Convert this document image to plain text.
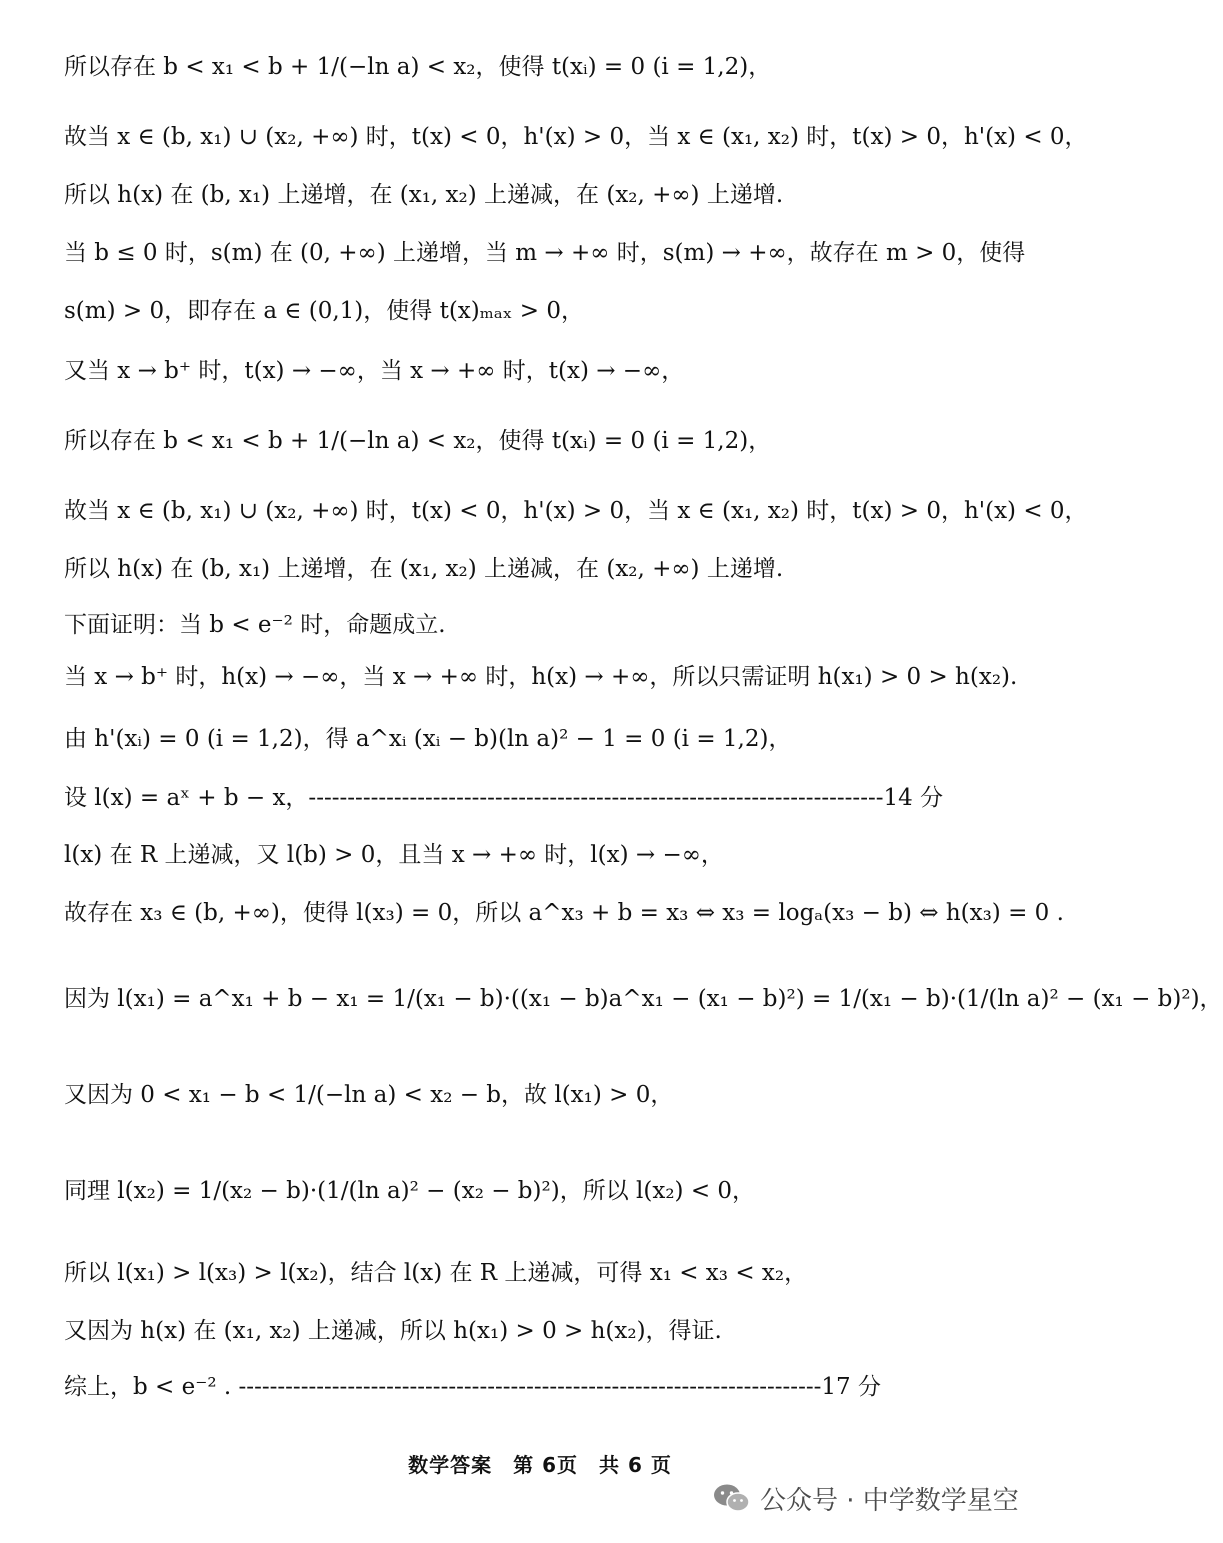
所以存在 b < x₁ < b + 1/(−ln a) < x₂，使得 t(xᵢ) = 0 (i = 1,2)，
故当 x ∈ (b, x₁) ∪ (x₂, +∞) 时，t(x) < 0，h'(x) > 0，当 x ∈ (x₁, x₂) 时，t(x) > 0，h'(x) < 0，
所以 h(x) 在 (b, x₁) 上递增，在 (x₁, x₂) 上递减，在 (x₂, +∞) 上递增.
当 b ≤ 0 时，s(m) 在 (0, +∞) 上递增，当 m → +∞ 时，s(m) → +∞，故存在 m > 0，使得
s(m) > 0，即存在 a ∈ (0,1)，使得 t(x)ₘₐₓ > 0，
又当 x → b⁺ 时，t(x) → −∞，当 x → +∞ 时，t(x) → −∞，
所以存在 b < x₁ < b + 1/(−ln a) < x₂，使得 t(xᵢ) = 0 (i = 1,2)，
故当 x ∈ (b, x₁) ∪ (x₂, +∞) 时，t(x) < 0，h'(x) > 0，当 x ∈ (x₁, x₂) 时，t(x) > 0，h'(x) < 0，
所以 h(x) 在 (b, x₁) 上递增，在 (x₁, x₂) 上递减，在 (x₂, +∞) 上递增.
下面证明：当 b < e⁻² 时，命题成立.
当 x → b⁺ 时，h(x) → −∞，当 x → +∞ 时，h(x) → +∞，所以只需证明 h(x₁) > 0 > h(x₂).
由 h'(xᵢ) = 0 (i = 1,2)，得 a^xᵢ (xᵢ − b)(ln a)² − 1 = 0 (i = 1,2)，
设 l(x) = aˣ + b − x，--------------------------------------------------------------------------14 分
l(x) 在 R 上递减，又 l(b) > 0，且当 x → +∞ 时，l(x) → −∞，
故存在 x₃ ∈ (b, +∞)，使得 l(x₃) = 0，所以 a^x₃ + b = x₃ ⇔ x₃ = logₐ(x₃ − b) ⇔ h(x₃) = 0 .
因为 l(x₁) = a^x₁ + b − x₁ = 1/(x₁ − b)·((x₁ − b)a^x₁ − (x₁ − b)²) = 1/(x₁ − b)·(1/(ln a)² − (x₁ − b)²)，
又因为 0 < x₁ − b < 1/(−ln a) < x₂ − b，故 l(x₁) > 0，
同理 l(x₂) = 1/(x₂ − b)·(1/(ln a)² − (x₂ − b)²)，所以 l(x₂) < 0，
所以 l(x₁) > l(x₃) > l(x₂)，结合 l(x) 在 R 上递减，可得 x₁ < x₃ < x₂，
又因为 h(x) 在 (x₁, x₂) 上递减，所以 h(x₁) > 0 > h(x₂)，得证.
综上，b < e⁻² . ---------------------------------------------------------------------------17 分
数学答案　第 6页　共 6 页
公众号 · 中学数学星空
